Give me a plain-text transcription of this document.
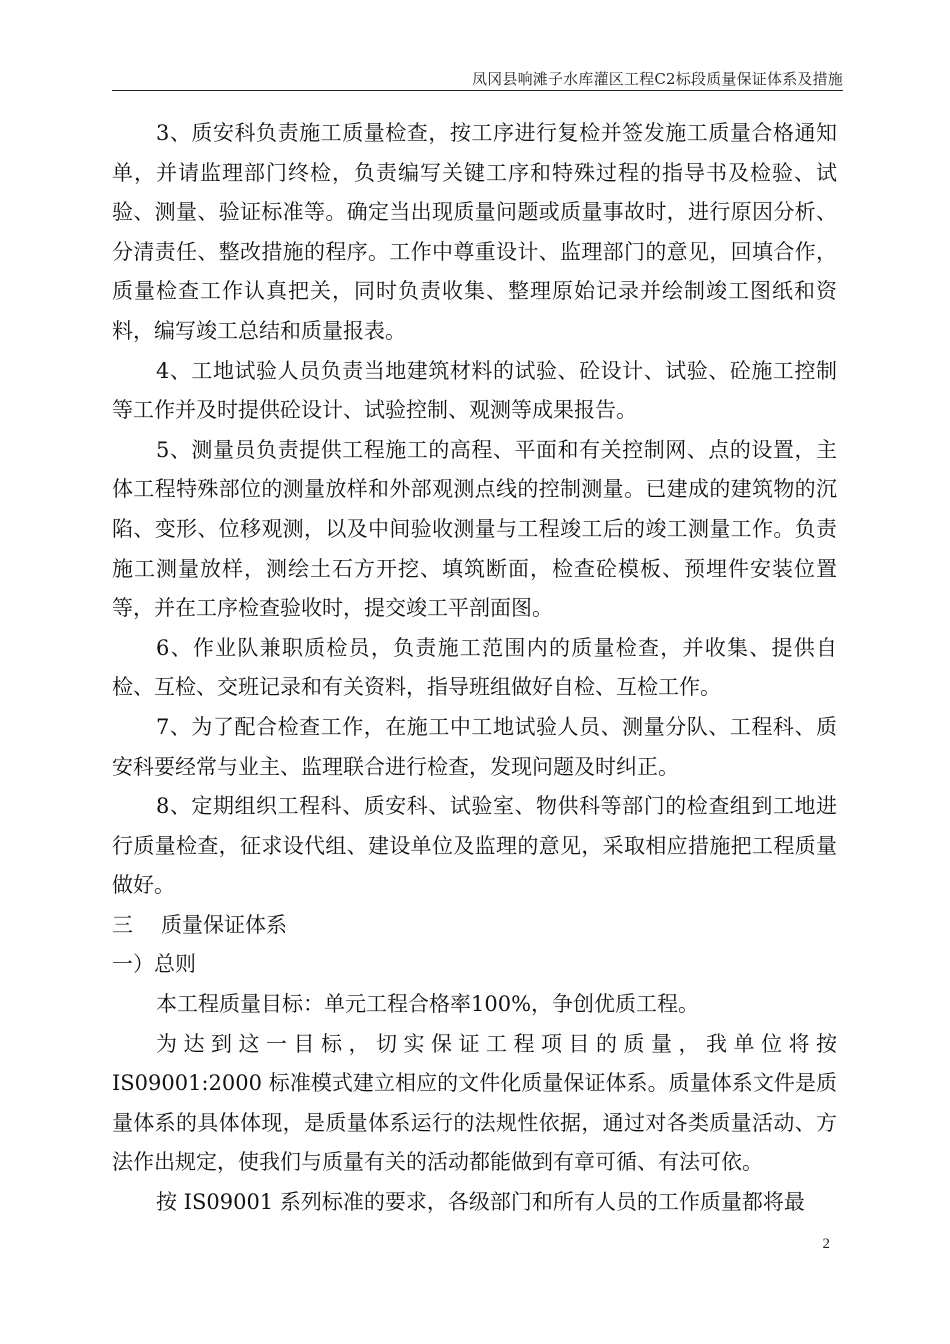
凤冈县响滩子水库灌区工程C2标段质量保证体系及措施

3、质安科负责施工质量检查，按工序进行复检并签发施工质量合格通知单，并请监理部门终检，负责编写关键工序和特殊过程的指导书及检验、试验、测量、验证标准等。确定当出现质量问题或质量事故时，进行原因分析、分清责任、整改措施的程序。工作中尊重设计、监理部门的意见，回填合作，质量检查工作认真把关，同时负责收集、整理原始记录并绘制竣工图纸和资料，编写竣工总结和质量报表。

4、工地试验人员负责当地建筑材料的试验、砼设计、试验、砼施工控制等工作并及时提供砼设计、试验控制、观测等成果报告。

5、测量员负责提供工程施工的高程、平面和有关控制网、点的设置，主体工程特殊部位的测量放样和外部观测点线的控制测量。已建成的建筑物的沉陷、变形、位移观测，以及中间验收测量与工程竣工后的竣工测量工作。负责施工测量放样，测绘土石方开挖、填筑断面，检查砼模板、预埋件安装位置等，并在工序检查验收时，提交竣工平剖面图。

6、作业队兼职质检员，负责施工范围内的质量检查，并收集、提供自检、互检、交班记录和有关资料，指导班组做好自检、互检工作。

7、为了配合检查工作，在施工中工地试验人员、测量分队、工程科、质安科要经常与业主、监理联合进行检查，发现问题及时纠正。

8、定期组织工程科、质安科、试验室、物供科等部门的检查组到工地进行质量检查，征求设代组、建设单位及监理的意见，采取相应措施把工程质量做好。

三 质量保证体系

一）总则

本工程质量目标：单元工程合格率100%，争创优质工程。

为达到这一目标，切实保证工程项目的质量，我单位将按 IS09001:2000 标准模式建立相应的文件化质量保证体系。质量体系文件是质量体系的具体体现，是质量体系运行的法规性依据，通过对各类质量活动、方法作出规定，使我们与质量有关的活动都能做到有章可循、有法可依。

按 IS09001 系列标准的要求，各级部门和所有人员的工作质量都将最

2
